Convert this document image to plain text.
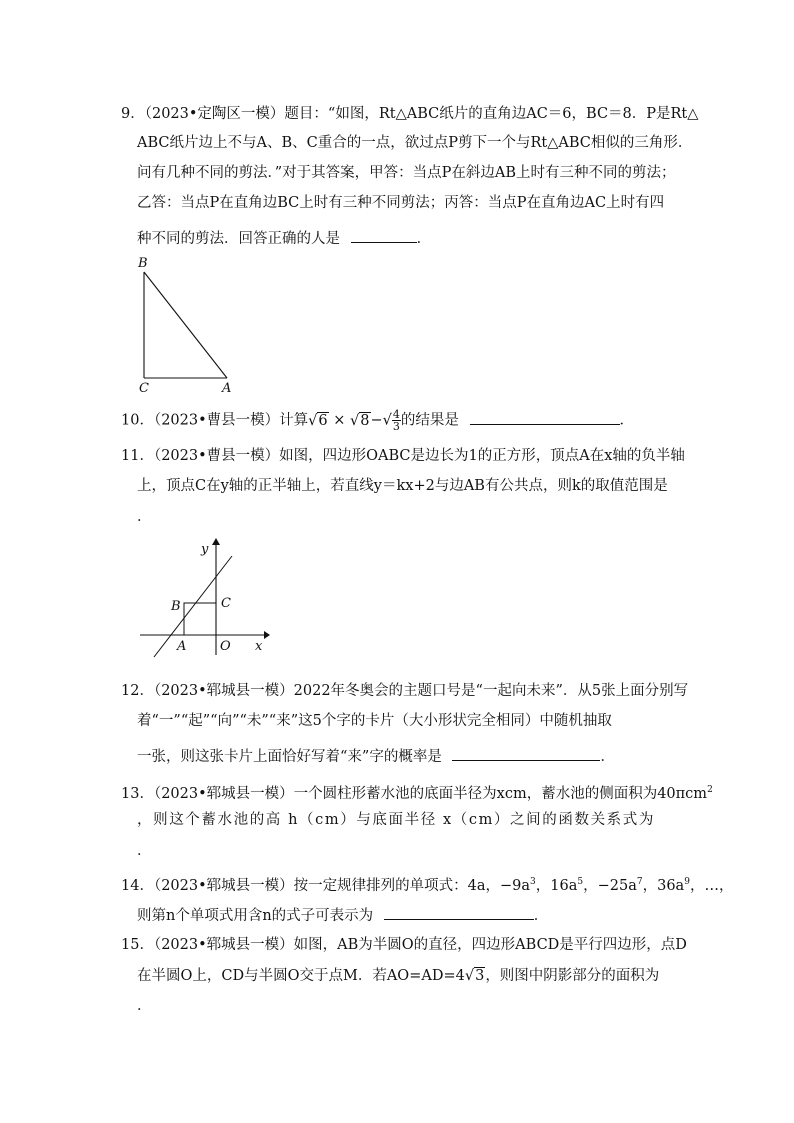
9．（2023•定陶区一模）题目：“如图，Rt△ABC纸片的直角边AC＝6，BC＝8．P是Rt△
ABC纸片边上不与A、B、C重合的一点，欲过点P剪下一个与Rt△ABC相似的三角形．
问有几种不同的剪法．”对于其答案，甲答：当点P在斜边AB上时有三种不同的剪法；
乙答：当点P在直角边BC上时有三种不同剪法；丙答：当点P在直角边AC上时有四
种不同的剪法．回答正确的人是	．
B
C	A
10．（2023•曹县一模）计算$√6 \times √8-√ \frac{4}{3}$ 的结果是	．
11．（2023•曹县一模）如图，四边形OABC是边长为1的正方形，顶点A在x轴的负半轴
上，顶点C在y轴的正半轴上，若直线y＝kx+2与边AB有公共点，则k的取值范围是
．
y
x
B	C
A	O
12．（2023•郓城县一模）2022年冬奥会的主题口号是“一起向未来”．从5张上面分别写
着“一”“起”“向”“未”“来”这5个字的卡片（大小形状完全相同）中随机抽取
一张，则这张卡片上面恰好写着“来”字的概率是	．
13．（2023•郓城县一模）一个圆柱形蓄水池的底面半径为xcm，蓄水池的侧面积为40πcm$^2$
，则这个蓄水池的高 h（cm）与底面半径 x（cm）之间的函数关系式为
．
14．（2023•郓城县一模）按一定规律排列的单项式：4a，$-9a^3$，$16a^5$，$-25a^7$，$36a^9$，…，
则第n个单项式用含n的式子可表示为	．
15．（2023•郓城县一模）如图，AB为半圆O的直径，四边形ABCD是平行四边形，点D
在半圆O上，CD与半圆O交于点M．若AO=AD=4√3，则图中阴影部分的面积为
．
